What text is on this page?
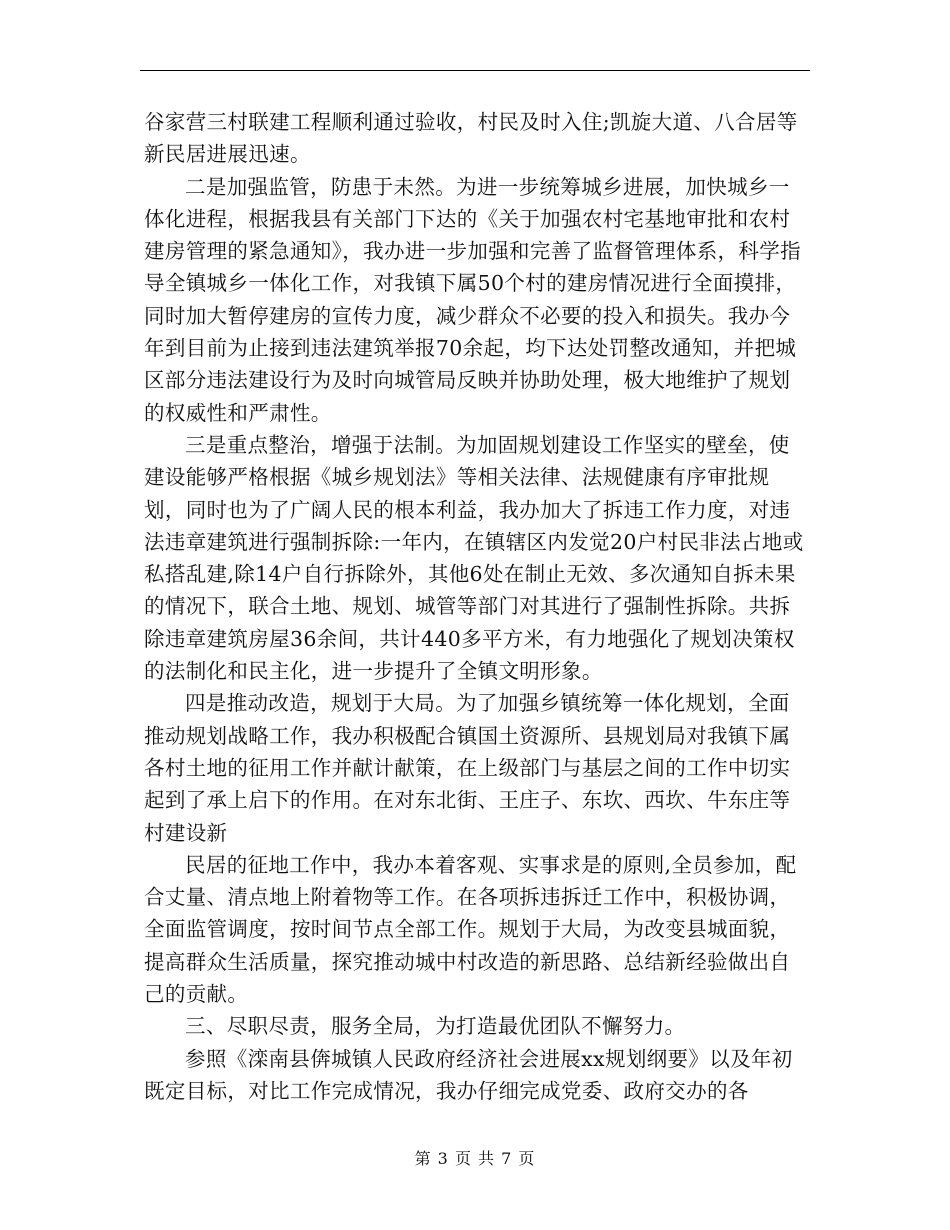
谷家营三村联建工程顺利通过验收，村民及时入住;凯旋大道、八合居等新民居进展迅速。

二是加强监管，防患于未然。为进一步统筹城乡进展，加快城乡一体化进程，根据我县有关部门下达的《关于加强农村宅基地审批和农村建房管理的紧急通知》，我办进一步加强和完善了监督管理体系，科学指导全镇城乡一体化工作，对我镇下属50个村的建房情况进行全面摸排，同时加大暂停建房的宣传力度，减少群众不必要的投入和损失。我办今年到目前为止接到违法建筑举报70余起，均下达处罚整改通知，并把城区部分违法建设行为及时向城管局反映并协助处理，极大地维护了规划的权威性和严肃性。

三是重点整治，增强于法制。为加固规划建设工作坚实的壁垒，使建设能够严格根据《城乡规划法》等相关法律、法规健康有序审批规划，同时也为了广阔人民的根本利益，我办加大了拆违工作力度，对违法违章建筑进行强制拆除:一年内，在镇辖区内发觉20户村民非法占地或私搭乱建,除14户自行拆除外，其他6处在制止无效、多次通知自拆未果的情况下，联合土地、规划、城管等部门对其进行了强制性拆除。共拆除违章建筑房屋36余间，共计440多平方米，有力地强化了规划决策权的法制化和民主化，进一步提升了全镇文明形象。

四是推动改造，规划于大局。为了加强乡镇统筹一体化规划，全面推动规划战略工作，我办积极配合镇国土资源所、县规划局对我镇下属各村土地的征用工作并献计献策，在上级部门与基层之间的工作中切实起到了承上启下的作用。在对东北街、王庄子、东坎、西坎、牛东庄等村建设新

民居的征地工作中，我办本着客观、实事求是的原则,全员参加，配合丈量、清点地上附着物等工作。在各项拆违拆迁工作中，积极协调，全面监管调度，按时间节点全部工作。规划于大局，为改变县城面貌，提高群众生活质量，探究推动城中村改造的新思路、总结新经验做出自己的贡献。

三、尽职尽责，服务全局，为打造最优团队不懈努力。

参照《滦南县倴城镇人民政府经济社会进展xx规划纲要》以及年初既定目标，对比工作完成情况，我办仔细完成党委、政府交办的各

第 3 页 共 7 页
